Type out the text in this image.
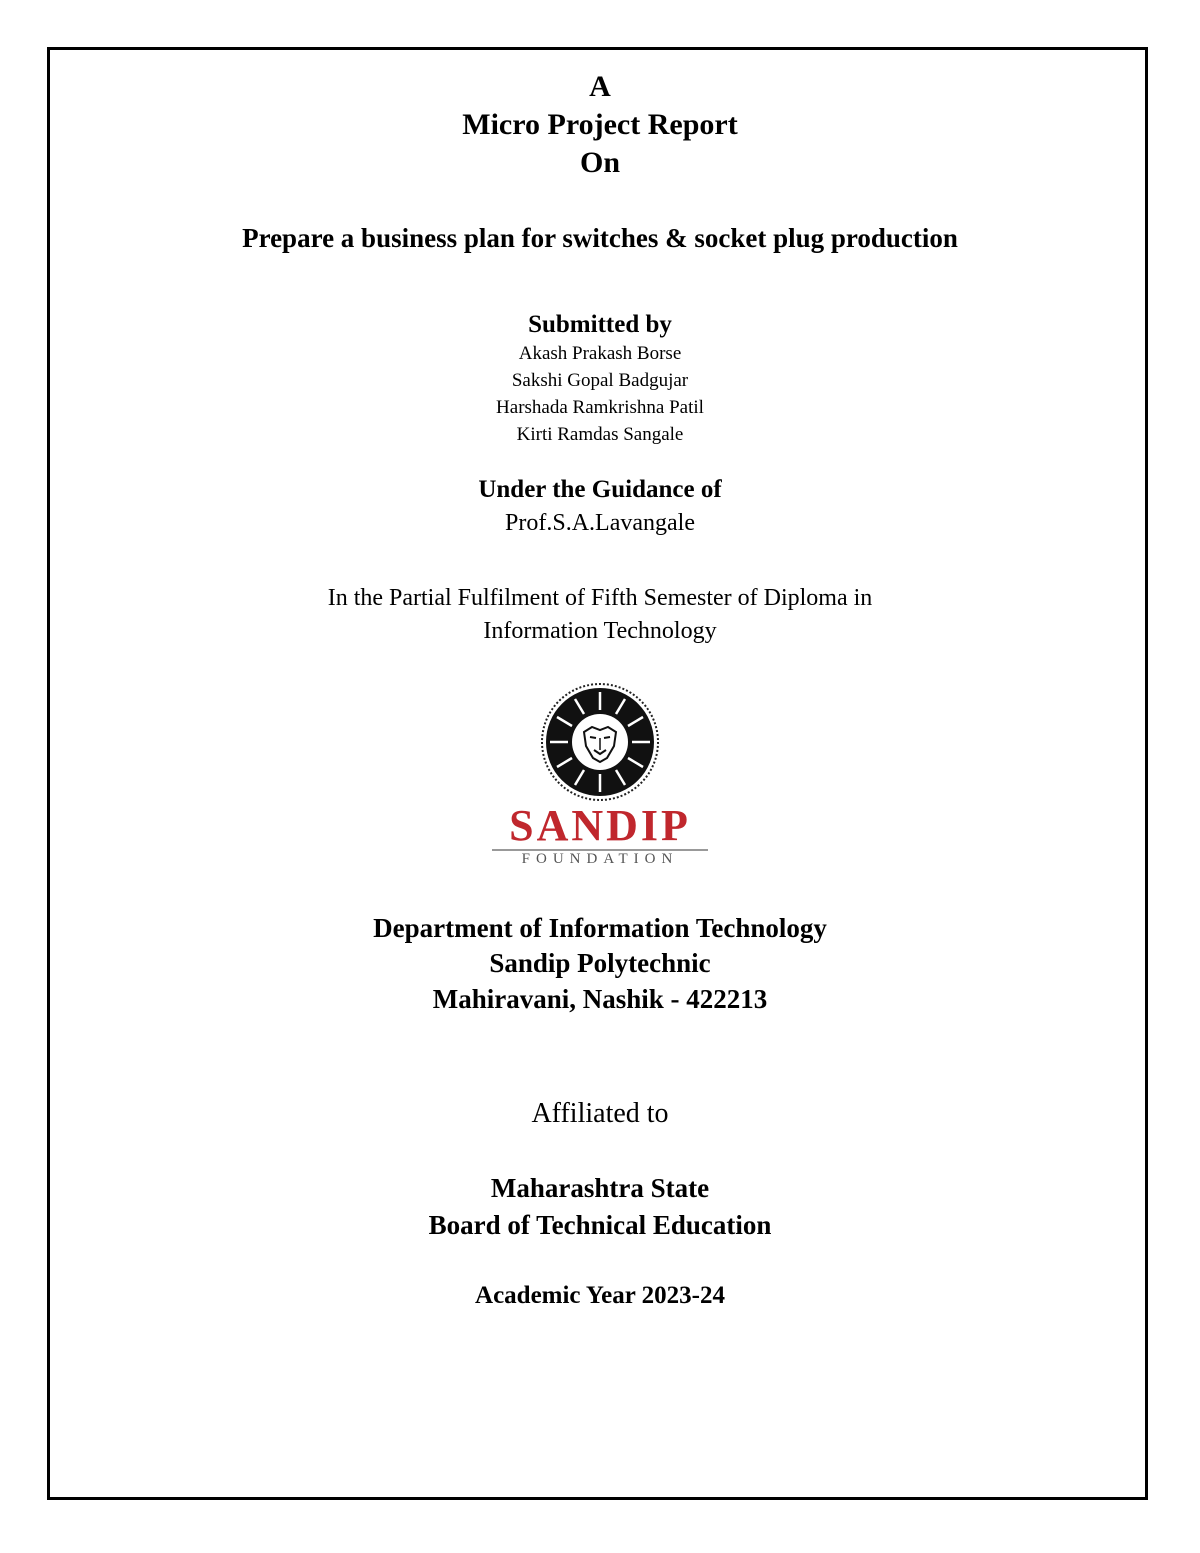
A
Micro Project Report
On
Prepare a business plan for switches & socket plug production
Submitted by
Akash Prakash Borse
Sakshi Gopal Badgujar
Harshada Ramkrishna Patil
Kirti Ramdas Sangale
Under the Guidance of
Prof.S.A.Lavangale
In the Partial Fulfilment of Fifth Semester of Diploma in
Information Technology
SANDIP
FOUNDATION
Department of Information Technology
Sandip Polytechnic
Mahiravani, Nashik - 422213
Affiliated to
Maharashtra State
Board of Technical Education
Academic Year 2023-24
